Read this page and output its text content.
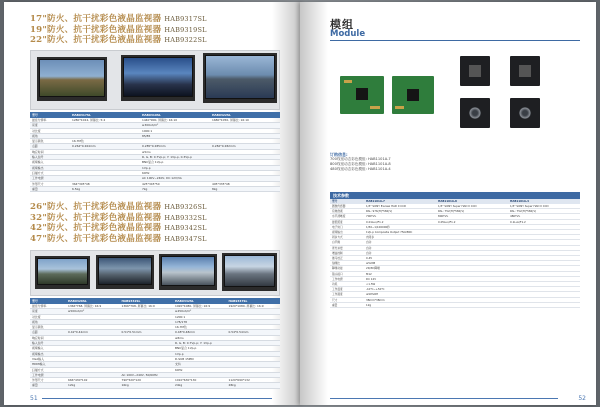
17"防火、抗干扰彩色液晶监视器 HAB9317SL
19"防火、抗干扰彩色液晶监视器 HAB9319SL
22"防火、抗干扰彩色液晶监视器 HAB9322SL
型号	HAB9317SL	HAB9319SL	HAB9322SL
最佳分辨率	1280*1024, 屏幕比: 5:4	1440*900, 屏幕比: 16:10	1680*1050, 屏幕比: 16:10
亮度		≥300cd/m²	
对比度		1000:1	
视角		85/85	
显示颜色	16.7M色		
点距	0.264*0.264mm	0.285*0.285mm	0.282*0.282mm
响应时间		≤5ms	
输入信号		R, G, B: 0.7Vp-p; Y: 1Vp-p, 0.3Vp-p	
视频输入		BNC复合 1Vp-p	
视频输出		1Vp-p	
扫描方式		60Hz	
工作电源		AC 100V~240V, DC 12V/3A	
外形尺寸	364*305*48	425*345*50	495*335*48
重量	6.5kg	7kg	8kg
26"防火、抗干扰彩色液晶监视器 HAB9326SL
32"防火、抗干扰彩色液晶监视器 HAB9332SL
42"防火、抗干扰彩色液晶监视器 HAB9342SL
47"防火、抗干扰彩色液晶监视器 HAB9347SL
型号	HAB9326SL	HAB9332SL	HAB9342SL	HAB9347SL
最佳分辨率	1366*768, 屏幕比: 16:9	1366*768, 屏幕比: 16:9	1920*1080, 屏幕比: 16:9	1920*1080, 屏幕比: 16:9
亮度	≥500cd/m²		≥450cd/m²	
对比度			1200:1	
视角			178/178	
显示颜色			16.7M色	
点距	0.42*0.42mm	0.51*0.51mm	0.48*0.48mm	0.54*0.54mm
响应时间			≤8ms	
输入信号			R, G, B: 0.7Vp-p; Y: 1Vp-p	
视频输入			BNC复合 1Vp-p	
视频输出			1Vp-p	
VGA输入			D-SUB 15PIN	
HDMI输入			支持	
扫描方式			60Hz	
工作电源		AC 100V~240V, 50/60Hz		
外形尺寸	666*430*102	790*520*120	1010*630*130	1120*690*132
重量	12kg	16kg	24kg	28kg
51
模组
Module
订购信息:
700线宽动态彩色模组: HAB1101A-7
800线宽动态彩色模组: HAB1101A-8
480线宽动态彩色模组: HAB1101A-4
技术参数
型号	HAB1101A-7	HAB1101A-8	HAB1101A-4
图像传感器	1/3" SONY Exview HAD II CCD	1/3" SONY Super HAD II CCD	1/3" SONY Super HAD II CCD
有效像素	PAL: 976(H)*582(V)	PAL: 752(H)*582(V)	PAL: 752(H)*582(V)
水平清晰度	700TVL	800TVL	480TVL
最低照度	0.01Lux/F1.2	0.05Lux/F1.2	0.1Lux/F1.2
电子快门	1/50~1/100000秒		
视频输出	1Vp-p Composite Output 75Ω BNC		
同步方式	内同步		
白平衡	自动		
背光补偿	自动		
增益控制	自动		
伽马校正	0.45		
信噪比	≥52dB		
降噪功能	2D/3D降噪		
镜头接口	M12		
工作电源	DC 12V		
功耗	<1.5W		
工作温度	-10℃~+50℃		
工作湿度	≤90%RH		
尺寸	38mm*38mm		
重量	12g		
52
